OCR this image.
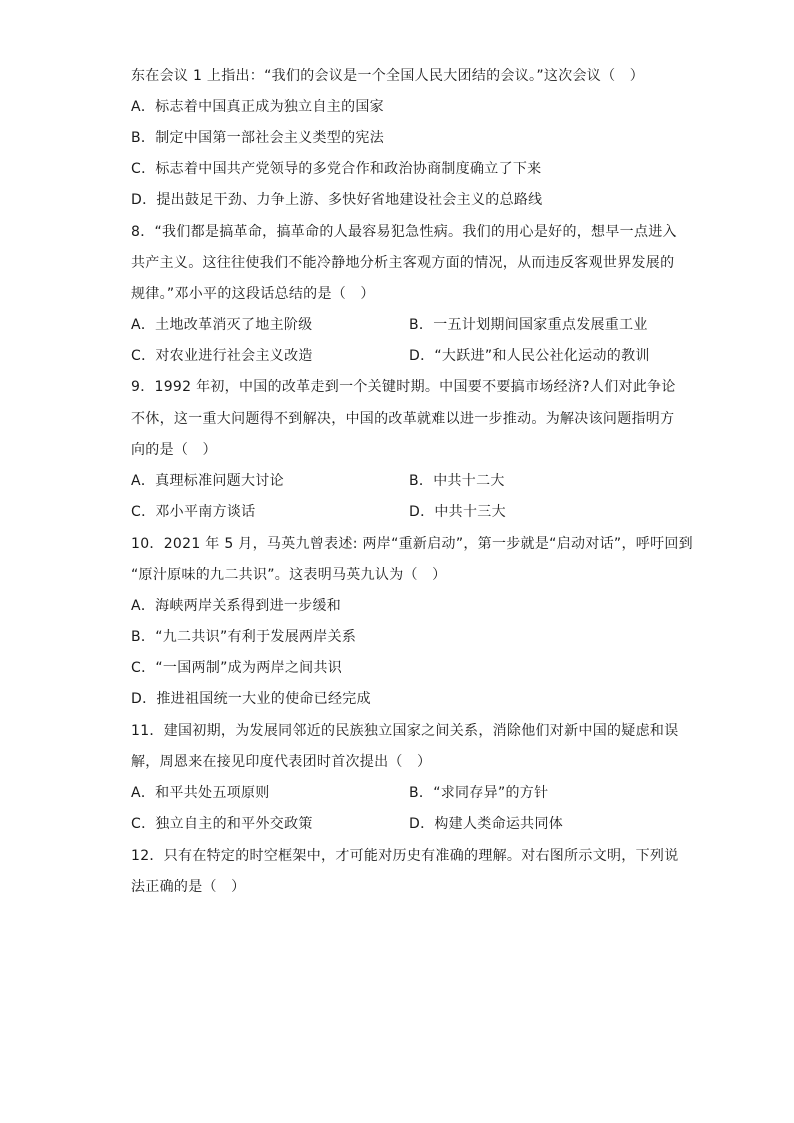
东在会议 1 上指出：“我们的会议是一个全国人民大团结的会议。”这次会议（　）
A．标志着中国真正成为独立自主的国家
B．制定中国第一部社会主义类型的宪法
C．标志着中国共产党领导的多党合作和政治协商制度确立了下来
D．提出鼓足干劲、力争上游、多快好省地建设社会主义的总路线
8．“我们都是搞革命，搞革命的人最容易犯急性病。我们的用心是好的，想早一点进入
共产主义。这往往使我们不能冷静地分析主客观方面的情况，从而违反客观世界发展的
规律。”邓小平的这段话总结的是（　）
A．土地改革消灭了地主阶级	B．一五计划期间国家重点发展重工业
C．对农业进行社会主义改造	D．“大跃进”和人民公社化运动的教训
9．1992 年初，中国的改革走到一个关键时期。中国要不要搞市场经济?人们对此争论
不休，这一重大问题得不到解决，中国的改革就难以进一步推动。为解决该问题指明方
向的是（　）
A．真理标准问题大讨论	B．中共十二大
C．邓小平南方谈话	D．中共十三大
10．2021 年 5 月，马英九曾表述: 两岸“重新启动”，第一步就是“启动对话”，呼吁回到
“原汁原味的九二共识”。这表明马英九认为（　）
A．海峡两岸关系得到进一步缓和
B．“九二共识”有利于发展两岸关系
C．“一国两制”成为两岸之间共识
D．推进祖国统一大业的使命已经完成
11．建国初期，为发展同邻近的民族独立国家之间关系，消除他们对新中国的疑虑和误
解，周恩来在接见印度代表团时首次提出（　）
A．和平共处五项原则	B．“求同存异”的方针
C．独立自主的和平外交政策	D．构建人类命运共同体
12．只有在特定的时空框架中，才可能对历史有准确的理解。对右图所示文明，下列说
法正确的是（　）
